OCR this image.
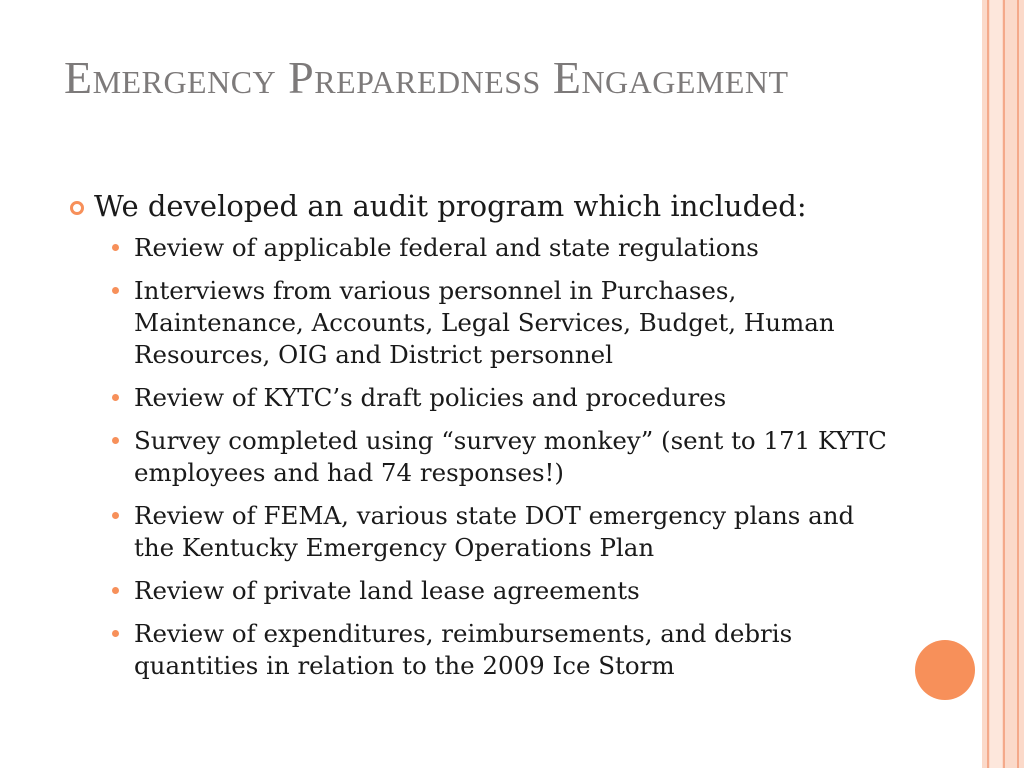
Emergency Preparedness Engagement
We developed an audit program which included:
Review of applicable federal and state regulations
Interviews from various personnel in Purchases, Maintenance, Accounts, Legal Services, Budget, Human Resources, OIG and District personnel
Review of KYTC’s draft policies and procedures
Survey completed using “survey monkey” (sent to 171 KYTC employees and had 74 responses!)
Review of FEMA, various state DOT emergency plans and the Kentucky Emergency Operations Plan
Review of private land lease agreements
Review of expenditures, reimbursements, and debris quantities in relation to the 2009 Ice Storm
